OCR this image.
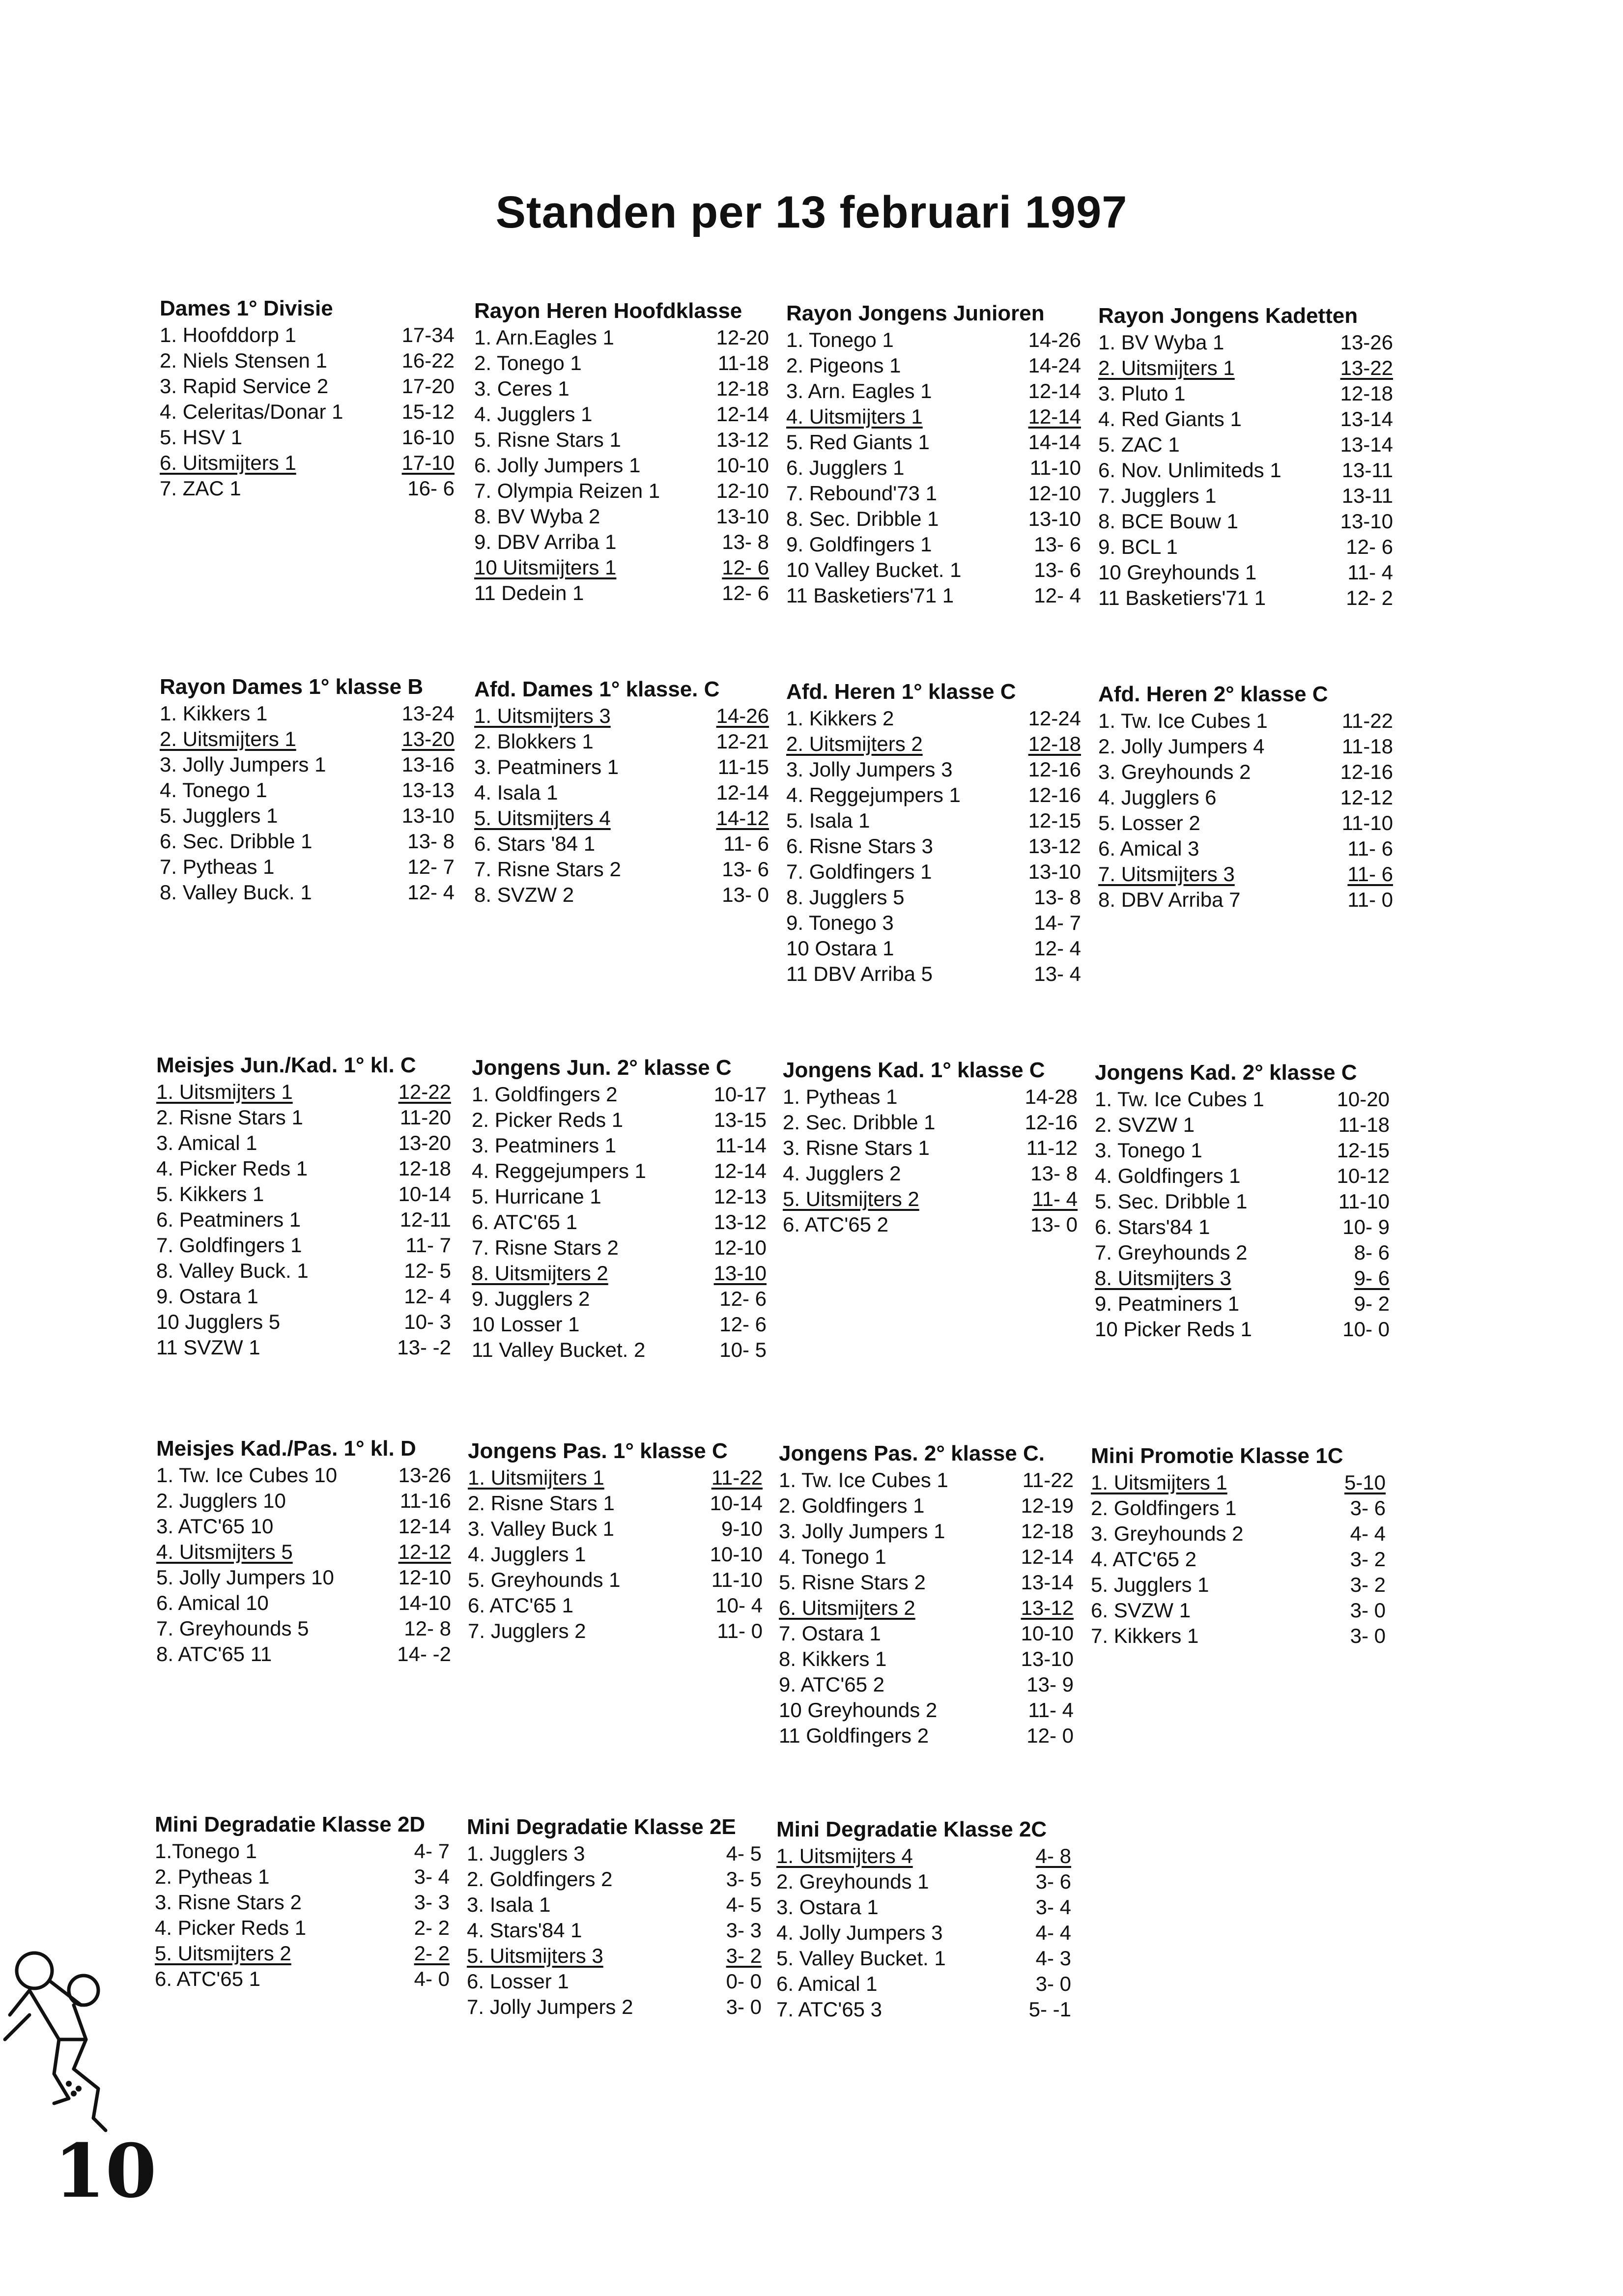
Standen per 13 februari 1997
Dames 1° Divisie
1. Hoofddorp 1	17-34
2. Niels Stensen 1	16-22
3. Rapid Service 2	17-20
4. Celeritas/Donar 1	15-12
5. HSV 1	16-10
6. Uitsmijters 1	17-10
7. ZAC 1	16- 6
Rayon Heren Hoofdklasse
1. Arn.Eagles 1	12-20
2. Tonego 1	11-18
3. Ceres 1	12-18
4. Jugglers 1	12-14
5. Risne Stars 1	13-12
6. Jolly Jumpers 1	10-10
7. Olympia Reizen 1	12-10
8. BV Wyba 2	13-10
9. DBV Arriba 1	13- 8
10 Uitsmijters 1	12- 6
11 Dedein 1	12- 6
Rayon Jongens Junioren
1. Tonego 1	14-26
2. Pigeons 1	14-24
3. Arn. Eagles 1	12-14
4. Uitsmijters 1	12-14
5. Red Giants 1	14-14
6. Jugglers 1	11-10
7. Rebound'73 1	12-10
8. Sec. Dribble 1	13-10
9. Goldfingers 1	13- 6
10 Valley Bucket. 1	13- 6
11 Basketiers'71 1	12- 4
Rayon Jongens Kadetten
1. BV Wyba 1	13-26
2. Uitsmijters 1	13-22
3. Pluto 1	12-18
4. Red Giants 1	13-14
5. ZAC 1	13-14
6. Nov. Unlimiteds 1	13-11
7. Jugglers 1	13-11
8. BCE Bouw 1	13-10
9. BCL 1	12- 6
10 Greyhounds 1	11- 4
11 Basketiers'71 1	12- 2
Rayon Dames 1° klasse B
1. Kikkers 1	13-24
2. Uitsmijters 1	13-20
3. Jolly Jumpers 1	13-16
4. Tonego 1	13-13
5. Jugglers 1	13-10
6. Sec. Dribble 1	13- 8
7. Pytheas 1	12- 7
8. Valley Buck. 1	12- 4
Afd. Dames 1° klasse. C
1. Uitsmijters 3	14-26
2. Blokkers 1	12-21
3. Peatminers 1	11-15
4. Isala 1	12-14
5. Uitsmijters 4	14-12
6. Stars '84 1	11- 6
7. Risne Stars 2	13- 6
8. SVZW 2	13- 0
Afd. Heren 1° klasse C
1. Kikkers 2	12-24
2. Uitsmijters 2	12-18
3. Jolly Jumpers 3	12-16
4. Reggejumpers 1	12-16
5. Isala 1	12-15
6. Risne Stars 3	13-12
7. Goldfingers 1	13-10
8. Jugglers 5	13- 8
9. Tonego 3	14- 7
10 Ostara 1	12- 4
11 DBV Arriba 5	13- 4
Afd. Heren 2° klasse C
1. Tw. Ice Cubes 1	11-22
2. Jolly Jumpers 4	11-18
3. Greyhounds 2	12-16
4. Jugglers 6	12-12
5. Losser 2	11-10
6. Amical 3	11- 6
7. Uitsmijters 3	11- 6
8. DBV Arriba 7	11- 0
Meisjes Jun./Kad. 1° kl. C
1. Uitsmijters 1	12-22
2. Risne Stars 1	11-20
3. Amical 1	13-20
4. Picker Reds 1	12-18
5. Kikkers 1	10-14
6. Peatminers 1	12-11
7. Goldfingers 1	11- 7
8. Valley Buck. 1	12- 5
9. Ostara 1	12- 4
10 Jugglers 5	10- 3
11 SVZW 1	13- -2
Jongens Jun. 2° klasse C
1. Goldfingers 2	10-17
2. Picker Reds 1	13-15
3. Peatminers 1	11-14
4. Reggejumpers 1	12-14
5. Hurricane 1	12-13
6. ATC'65 1	13-12
7. Risne Stars 2	12-10
8. Uitsmijters 2	13-10
9. Jugglers 2	12- 6
10 Losser 1	12- 6
11 Valley Bucket. 2	10- 5
Jongens Kad. 1° klasse C
1. Pytheas 1	14-28
2. Sec. Dribble 1	12-16
3. Risne Stars 1	11-12
4. Jugglers 2	13- 8
5. Uitsmijters 2	11- 4
6. ATC'65 2	13- 0
Jongens Kad. 2° klasse C
1. Tw. Ice Cubes 1	10-20
2. SVZW 1	11-18
3. Tonego 1	12-15
4. Goldfingers 1	10-12
5. Sec. Dribble 1	11-10
6. Stars'84 1	10- 9
7. Greyhounds 2	8- 6
8. Uitsmijters 3	9- 6
9. Peatminers 1	9- 2
10 Picker Reds 1	10- 0
Meisjes Kad./Pas. 1° kl. D
1. Tw. Ice Cubes 10	13-26
2. Jugglers 10	11-16
3. ATC'65 10	12-14
4. Uitsmijters 5	12-12
5. Jolly Jumpers 10	12-10
6. Amical 10	14-10
7. Greyhounds 5	12- 8
8. ATC'65 11	14- -2
Jongens Pas. 1° klasse C
1. Uitsmijters 1	11-22
2. Risne Stars 1	10-14
3. Valley Buck 1	9-10
4. Jugglers 1	10-10
5. Greyhounds 1	11-10
6. ATC'65 1	10- 4
7. Jugglers 2	11- 0
Jongens Pas. 2° klasse C.
1. Tw. Ice Cubes 1	11-22
2. Goldfingers 1	12-19
3. Jolly Jumpers 1	12-18
4. Tonego 1	12-14
5. Risne Stars 2	13-14
6. Uitsmijters 2	13-12
7. Ostara 1	10-10
8. Kikkers 1	13-10
9. ATC'65 2	13- 9
10 Greyhounds 2	11- 4
11 Goldfingers 2	12- 0
Mini Promotie Klasse 1C
1. Uitsmijters 1	5-10
2. Goldfingers 1	3- 6
3. Greyhounds 2	4- 4
4. ATC'65 2	3- 2
5. Jugglers 1	3- 2
6. SVZW 1	3- 0
7. Kikkers 1	3- 0
Mini Degradatie Klasse 2D
1.Tonego 1	4- 7
2. Pytheas 1	3- 4
3. Risne Stars 2	3- 3
4. Picker Reds 1	2- 2
5. Uitsmijters 2	2- 2
6. ATC'65 1	4- 0
Mini Degradatie Klasse 2E
1. Jugglers 3	4- 5
2. Goldfingers 2	3- 5
3. Isala 1	4- 5
4. Stars'84 1	3- 3
5. Uitsmijters 3	3- 2
6. Losser 1	0- 0
7. Jolly Jumpers 2	3- 0
Mini Degradatie Klasse 2C
1. Uitsmijters 4	4- 8
2. Greyhounds 1	3- 6
3. Ostara 1	3- 4
4. Jolly Jumpers 3	4- 4
5. Valley Bucket. 1	4- 3
6. Amical 1	3- 0
7. ATC'65 3	5- -1
10
